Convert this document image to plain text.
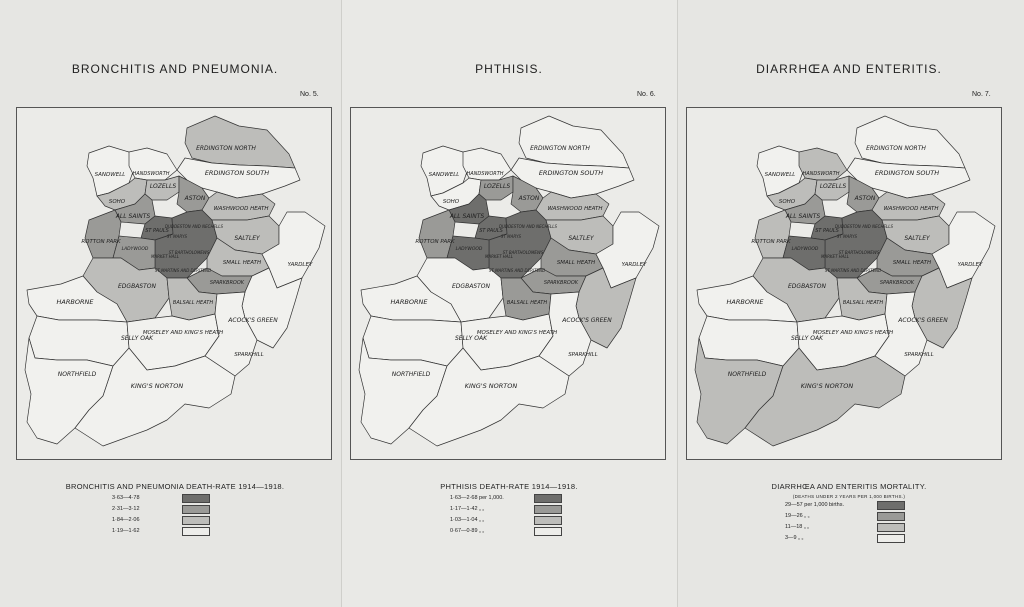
BRONCHITIS AND PNEUMONIA.
No. 5.
ERDINGTON NORTH
ERDINGTON SOUTH
SANDWELL HANDSWORTH
SOHO
LOZELLS
ASTON
ALL SAINTS
ROTTON PARK
ST PAULS
LADYWOOD
WASHWOOD HEATH
SALTLEY
SMALL HEATH	YARDLEY
SPARKBROOK
EDGBASTON
BALSALL HEATH
HARBORNE
SELLY OAK
MOSELEY AND KING'S HEATH
ACOCK'S GREEN
SPARKHILL
NORTHFIELD
KING'S NORTON
DUDDESTON AND NECHELLS
ST MARYS
MARKET HALL
ST BARTHOLOMEWS
ST MARTINS AND DERITEND
BRONCHITIS AND PNEUMONIA DEATH-RATE 1914—1918.
3·63—4·78
2·31—3·12
1·84—2·06
1·19—1·62
PHTHISIS.
No. 6.
ERDINGTON NORTH
ERDINGTON SOUTH
SANDWELL HANDSWORTH
SOHO
LOZELLS
ASTON
ALL SAINTS
ROTTON PARK
ST PAULS
LADYWOOD
WASHWOOD HEATH
SALTLEY
SMALL HEATH	YARDLEY
SPARKBROOK
EDGBASTON
BALSALL HEATH
HARBORNE
SELLY OAK
MOSELEY AND KING'S HEATH
ACOCK'S GREEN
SPARKHILL
NORTHFIELD
KING'S NORTON
DUDDESTON AND NECHELLS
ST MARYS
MARKET HALL
ST BARTHOLOMEWS
ST MARTINS AND DERITEND
PHTHISIS DEATH-RATE 1914—1918.
1·63—2·68 per 1,000.
1·17—1·42 „ „
1·03—1·04 „ „
0·67—0·89 „ „
DIARRHŒA AND ENTERITIS.
No. 7.
ERDINGTON NORTH
ERDINGTON SOUTH
SANDWELL HANDSWORTH
SOHO
LOZELLS
ASTON
ALL SAINTS
ROTTON PARK
ST PAULS
LADYWOOD
WASHWOOD HEATH
SALTLEY
SMALL HEATH	YARDLEY
SPARKBROOK
EDGBASTON
BALSALL HEATH
HARBORNE
SELLY OAK
MOSELEY AND KING'S HEATH
ACOCK'S GREEN
SPARKHILL
NORTHFIELD
KING'S NORTON
DUDDESTON AND NECHELLS
ST MARYS
MARKET HALL
ST BARTHOLOMEWS
ST MARTINS AND DERITEND
DIARRHŒA AND ENTERITIS MORTALITY.
(DEATHS UNDER 2 YEARS PER 1,000 BIRTHS.)
29—57 per 1,000 births.
19—26 „ „
11—18 „ „
3—9 „ „
